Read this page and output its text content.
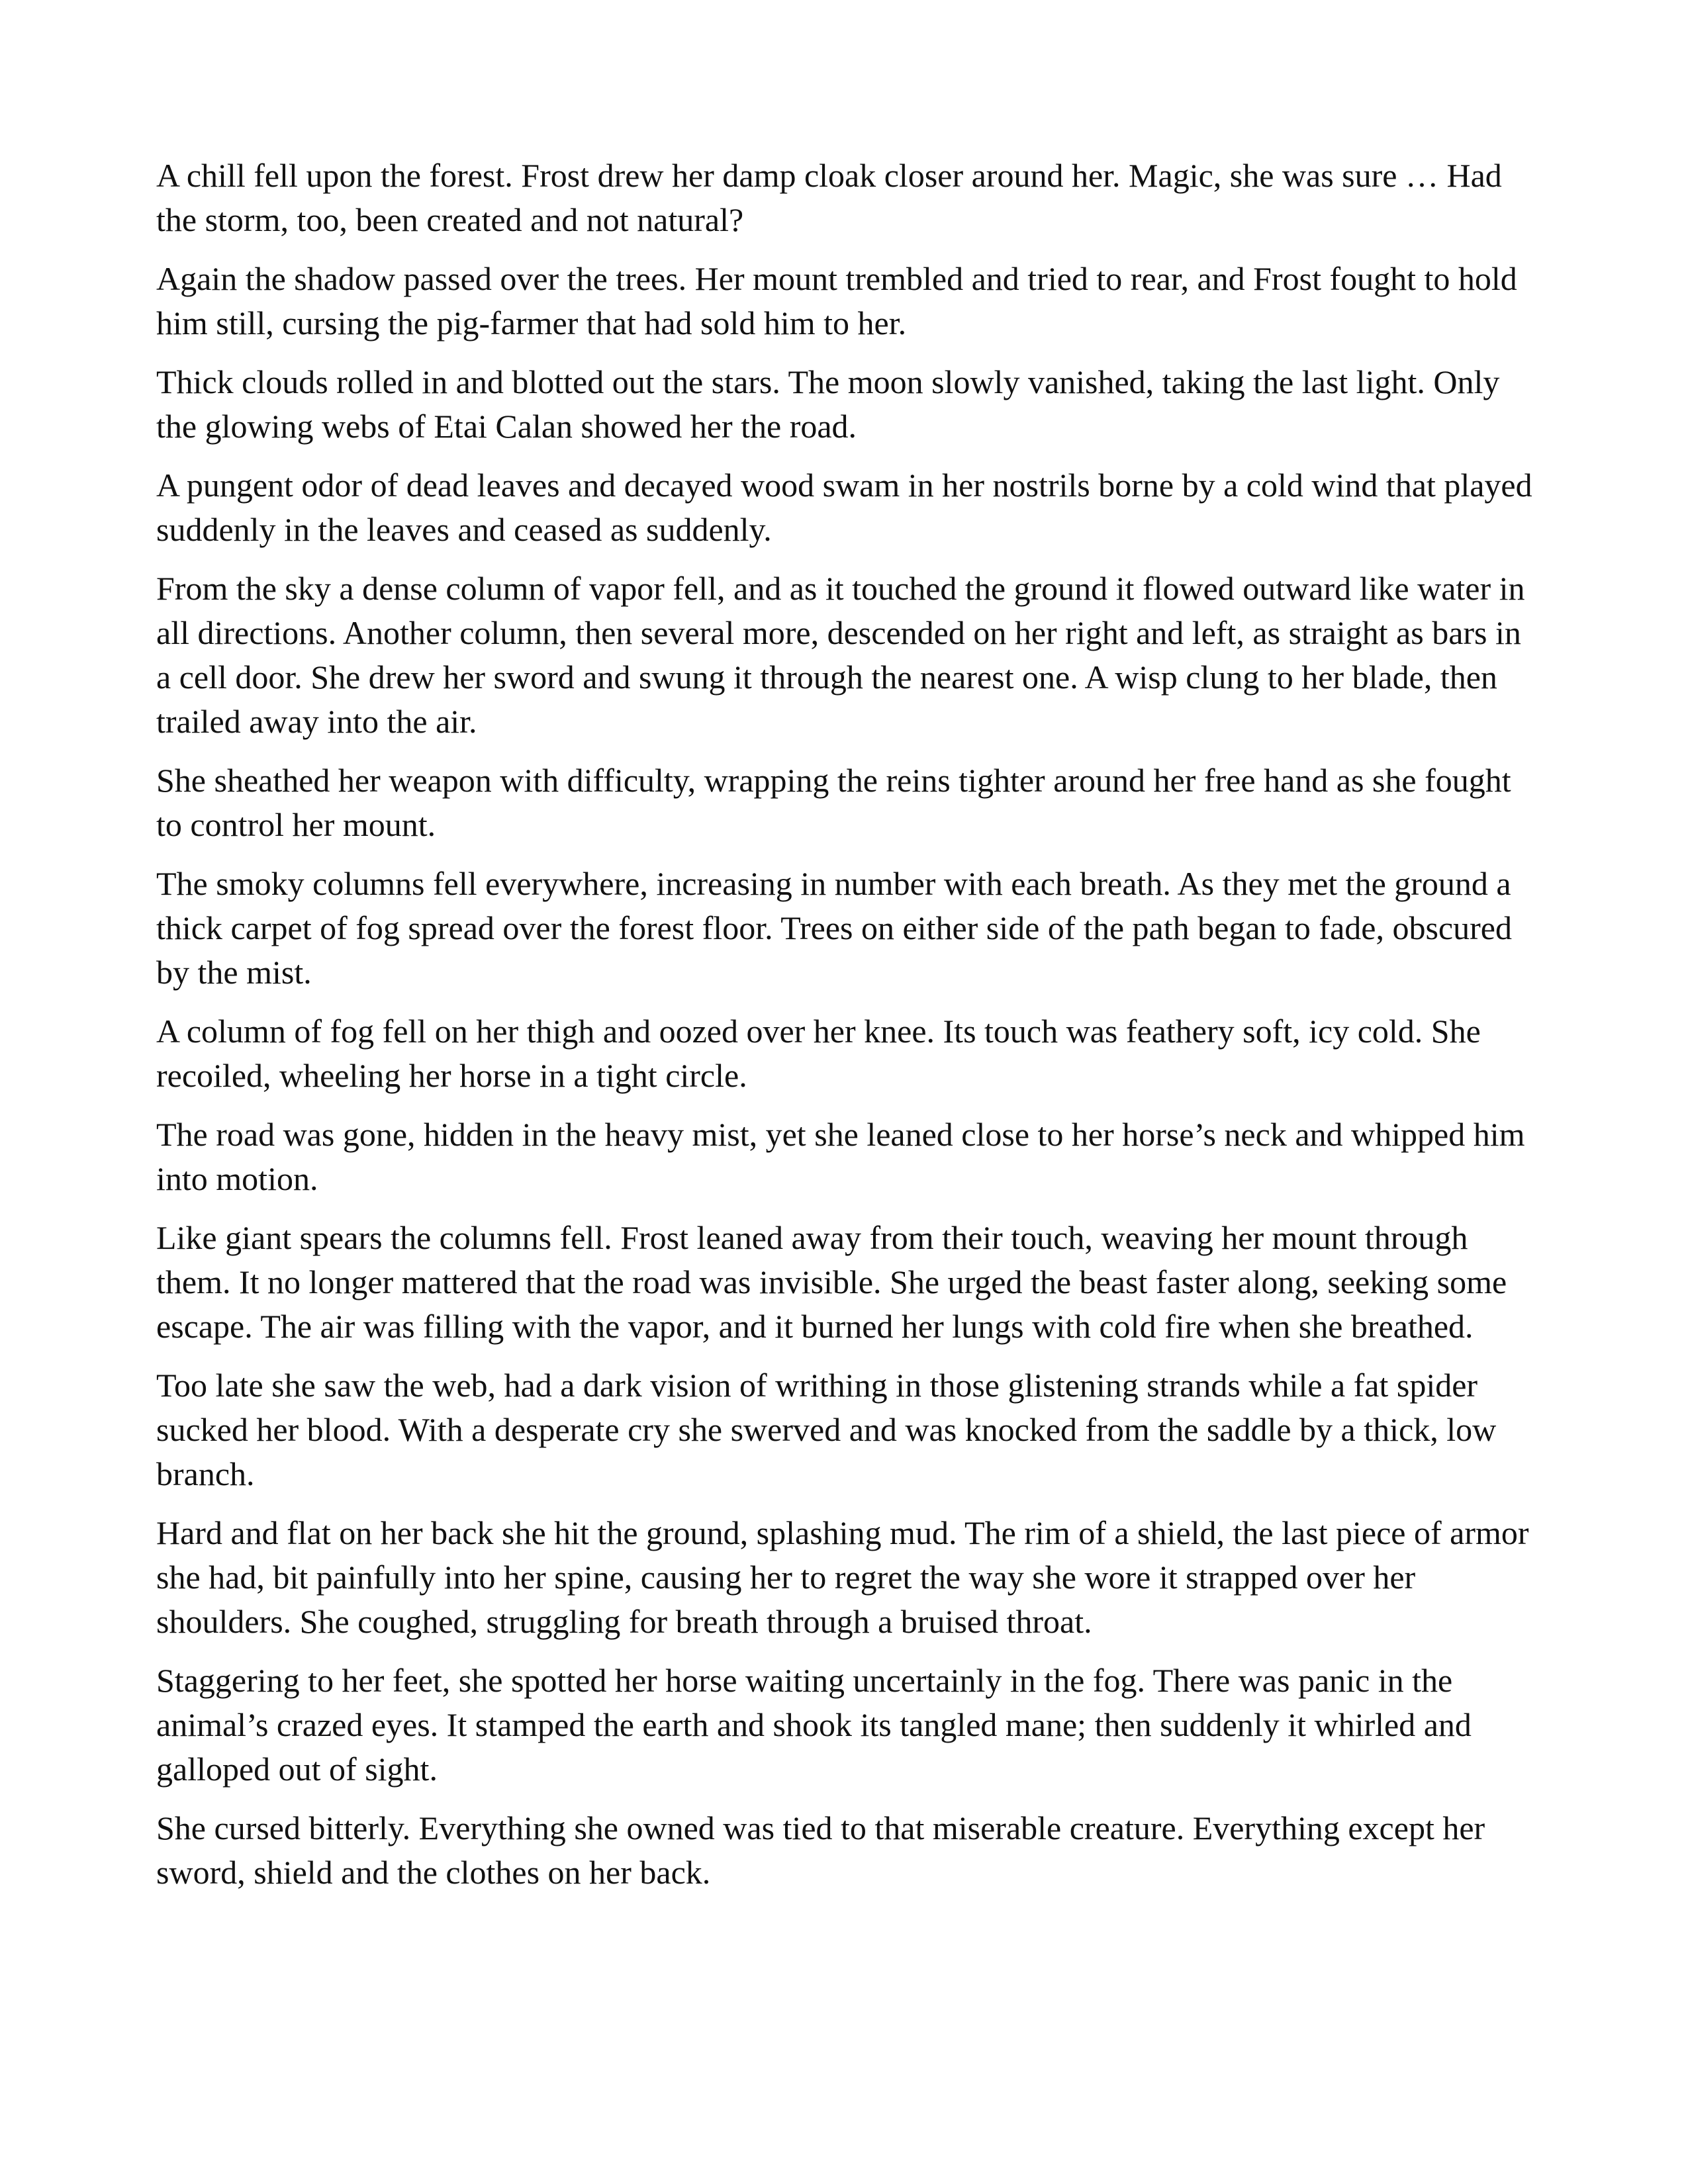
A chill fell upon the forest. Frost drew her damp cloak closer around her. Magic, she was sure … Had the storm, too, been created and not natural?

Again the shadow passed over the trees. Her mount trembled and tried to rear, and Frost fought to hold him still, cursing the pig-farmer that had sold him to her.

Thick clouds rolled in and blotted out the stars. The moon slowly vanished, taking the last light. Only the glowing webs of Etai Calan showed her the road.

A pungent odor of dead leaves and decayed wood swam in her nostrils borne by a cold wind that played suddenly in the leaves and ceased as suddenly.

From the sky a dense column of vapor fell, and as it touched the ground it flowed outward like water in all directions. Another column, then several more, descended on her right and left, as straight as bars in a cell door. She drew her sword and swung it through the nearest one. A wisp clung to her blade, then trailed away into the air.

She sheathed her weapon with difficulty, wrapping the reins tighter around her free hand as she fought to control her mount.

The smoky columns fell everywhere, increasing in number with each breath. As they met the ground a thick carpet of fog spread over the forest floor. Trees on either side of the path began to fade, obscured by the mist.

A column of fog fell on her thigh and oozed over her knee. Its touch was feathery soft, icy cold. She recoiled, wheeling her horse in a tight circle.

The road was gone, hidden in the heavy mist, yet she leaned close to her horse’s neck and whipped him into motion.

Like giant spears the columns fell. Frost leaned away from their touch, weaving her mount through them. It no longer mattered that the road was invisible. She urged the beast faster along, seeking some escape. The air was filling with the vapor, and it burned her lungs with cold fire when she breathed.

Too late she saw the web, had a dark vision of writhing in those glistening strands while a fat spider sucked her blood. With a desperate cry she swerved and was knocked from the saddle by a thick, low branch.

Hard and flat on her back she hit the ground, splashing mud. The rim of a shield, the last piece of armor she had, bit painfully into her spine, causing her to regret the way she wore it strapped over her shoulders. She coughed, struggling for breath through a bruised throat.

Staggering to her feet, she spotted her horse waiting uncertainly in the fog. There was panic in the animal’s crazed eyes. It stamped the earth and shook its tangled mane; then suddenly it whirled and galloped out of sight.

She cursed bitterly. Everything she owned was tied to that miserable creature. Everything except her sword, shield and the clothes on her back.
